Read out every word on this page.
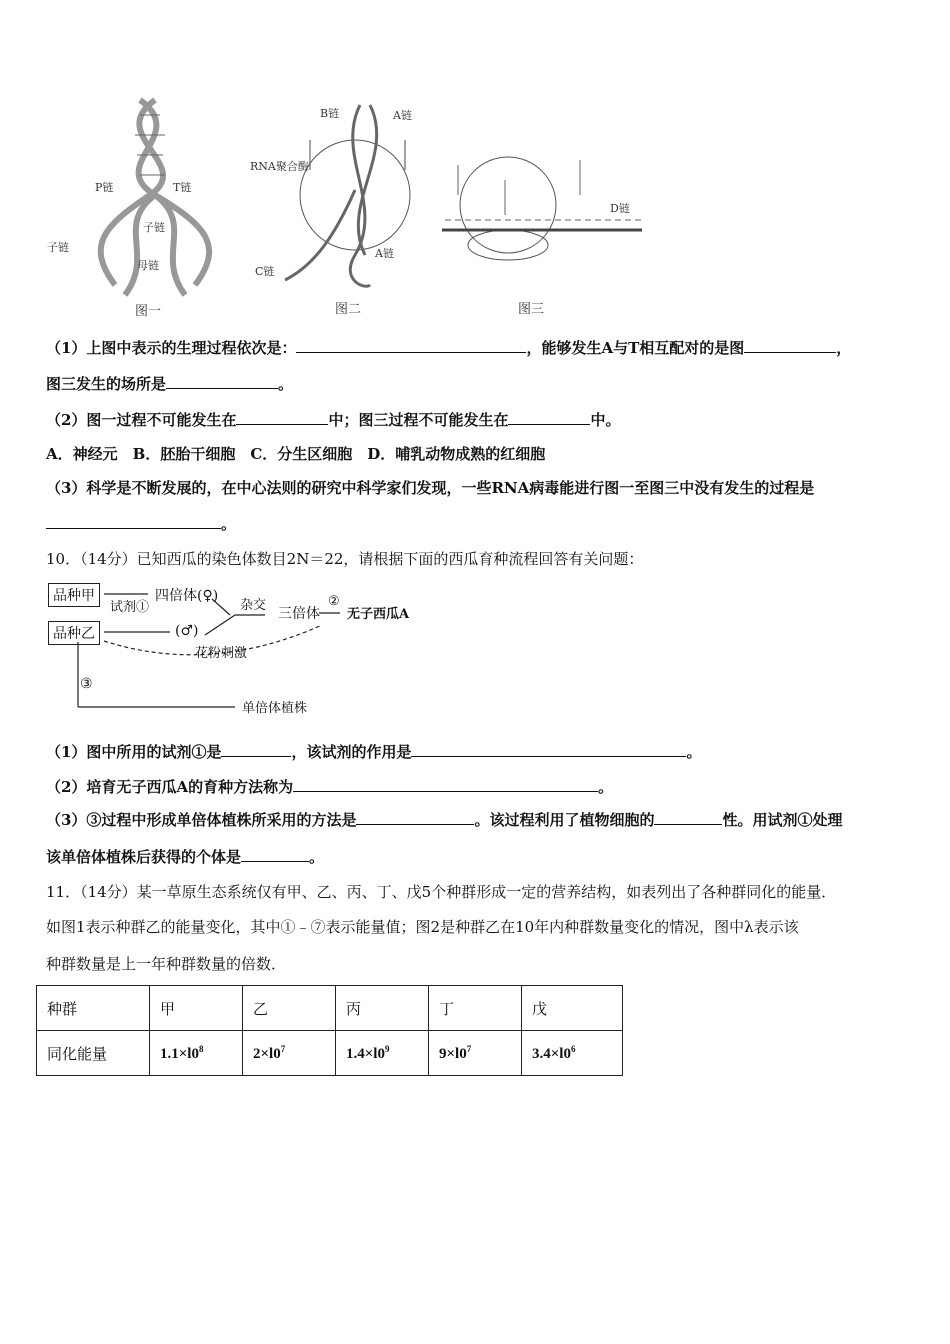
P链	T链
子链
子链
母链
图一
B链	A链
RNA聚合酶
C链
A链
图二
D链
图三
（1）上图中表示的生理过程依次是：	，能够发生A与T相互配对的是图	，
图三发生的场所是	。
（2）图一过程不可能发生在	中；图三过程不可能发生在	中。
A．神经元　B．胚胎干细胞　C．分生区细胞　D．哺乳动物成熟的红细胞
（3）科学是不断发展的，在中心法则的研究中科学家们发现，一些RNA病毒能进行图一至图三中没有发生的过程是
。
10．（14分）已知西瓜的染色体数目2N＝22，请根据下面的西瓜育种流程回答有关问题：
品种甲
品种乙
试剂①
四倍体(♀)
(♂)
杂交
三倍体
②
无子西瓜A
花粉刺激
③
单倍体植株
（1）图中所用的试剂①是	，该试剂的作用是	。
（2）培育无子西瓜A的育种方法称为	。
（3）③过程中形成单倍体植株所采用的方法是	。该过程利用了植物细胞的	性。用试剂①处理
该单倍体植株后获得的个体是	。
11．（14分）某一草原生态系统仅有甲、乙、丙、丁、戊5个种群形成一定的营养结构，如表列出了各种群同化的能量．
如图1表示种群乙的能量变化，其中①﹣⑦表示能量值；图2是种群乙在10年内种群数量变化的情况，图中λ表示该
种群数量是上一年种群数量的倍数．
种群	甲	乙	丙	丁	戊
同化能量	$1.1\times l0^8$	$2\times l0^7$	$1.4\times l0^9$	$9\times l0^7$	$3.4\times l0^6$
